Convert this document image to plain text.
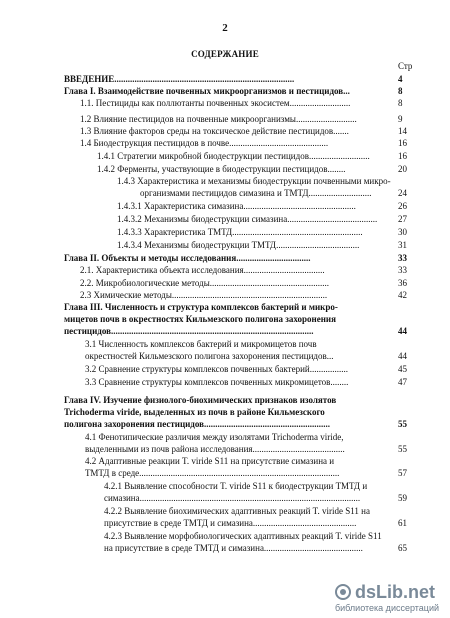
2
СОДЕРЖАНИЕ
Стр
ВВЕДЕНИЕ................................................................................	4
Глава I. Взаимодействие почвенных микроорганизмов и пестицидов...	8
1.1. Пестициды как поллютанты почвенных экосистем...........................	8
1.2 Влияние пестицидов на почвенные микроорганизмы...........................	9
1.3 Влияние факторов среды на токсическое действие пестицидов.......	14
1.4 Биодеструкция пестицидов в почве............................................	16
1.4.1 Стратегии микробной биодеструкции пестицидов...........................	16
1.4.2 Ферменты, участвующие в биодеструкции пестицидов........	20
1.4.3 Характеристика и механизмы биодеструкции почвенными микро-
организмами пестицидов симазина и ТМТД............................	24
1.4.3.1 Характеристика симазина..................................................	26
1.4.3.2 Механизмы биодеструкции симазина........................................	27
1.4.3.3 Характеристика ТМТД..........................................................	30
1.4.3.4 Механизмы биодеструкции ТМТД.....................................	31
Глава II. Объекты и методы исследования.................................	33
2.1. Характеристика объекта исследования....................................	33
2.2. Микробиологические методы.....................................................	36
2.3 Химические методы.....................................................................	42
Глава III. Численность и структура комплексов бактерий и микро-
мицетов почв в окрестностях Кильмезского полигона захоронения
пестицидов..........................................................................................	44
3.1 Численность комплексов бактерий и микромицетов почв
окрестностей Кильмезского полигона захоронения пестицидов...	44
3.2 Сравнение структуры комплексов почвенных бактерий.................	45
3.3 Сравнение структуры комплексов почвенных микромицетов........	47
Глава IV. Изучение физиолого-биохимических признаков изолятов
Trichoderma viride, выделенных из почв в районе Кильмезского
полигона захоронения пестицидов........................................................	55
4.1 Фенотипические различия между изолятами Trichoderma viride,
выделенными из почв района исследования.........................................	55
4.2 Адаптивные реакции T. viride S11 на присутствие симазина и
ТМТД в среде.........................................................................................	57
4.2.1 Выявление способности T. viride S11 к биодеструкции ТМТД и
симазина..................................................................................................	59
4.2.2 Выявление биохимических адаптивных реакций T. viride S11 на
присутствие в среде ТМТД и симазина..............................................	61
4.2.3 Выявление морфобиологических адаптивных реакций T. viride S11
на присутствие в среде ТМТД и симазина............................................	65
dsLib.net
библиотека диссертаций
